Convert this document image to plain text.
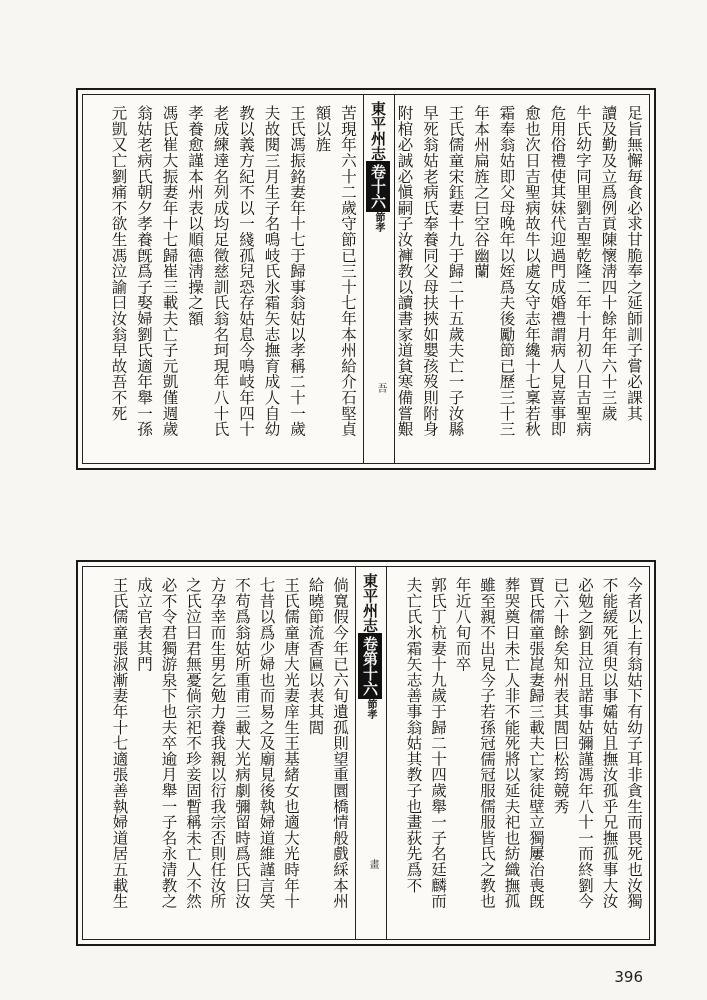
東平州志卷十六節孝
吾	足旨無懈毎食必求甘脆奉之延師訓子嘗必課其
讀及勤及立爲例貢陳懷淸四十餘年年六十三歲
牛氏幼字同里劉吉聖乾隆二年十月初八日吉聖病
危用俗禮使其妹代迎過門成婚禮謂病人見喜事即
愈也次日吉聖病故牛以處女守志年纔十七稟若秋
霜奉翁姑即父母晚年以姪爲夫後勵節已歷三十三
年本州扁旌之曰空谷幽蘭
王氏儒童宋鈺妻十九于歸二十五歲夫亡一子汝縣
早死翁姑老病氏奉養同父母扶挾如嬰孩歿則附身
附棺必誠必愼嗣子汝褲教以讀書家道貧寒備嘗艱
苦現年六十二歲守節已三十七年本州給介石堅貞
額以旌
王氏馮振銘妻年十七于歸事翁姑以孝稱二十一歲
夫故閱三月生子名鳴岐氏氷霜矢志撫育成人自幼
教以義方紀不以一綫孤兒恐存姑息今鳴岐年四十
老成練達名列成均足徵慈訓氏翁名珂現年八十氏
孝養愈謹本州表以順德淸操之額
馮氏崔大振妻年十七歸崔三載夫亡子元凱僅週歲
翁姑老病氏朝夕孝養旣爲子娶婦劉氏適年舉一孫
元凱又亡劉痛不欲生馮泣諭曰汝翁早故吾不死
東平州志卷第十六節孝
畫	今者以上有翁姑下有幼子耳非貪生而畏死也汝獨
不能緩死須臾以事孀姑且撫汝孤乎兄撫孤事大汝
必勉之劉且泣且諾事姑彌謹馮年八十一而終劉今
已六十餘矣知州表其閭曰松筠競秀
賈氏儒童張崑妻歸三載夫亡家徒壁立獨屢治喪旣
葬哭奠日未亡人非不能死將以延夫祀也紡織撫孤
雖至親不出見今子若孫冠儒冠服儒服皆氏之教也
年近八旬而卒
郭氏丁杭妻十九歲于歸二十四歲舉一子名廷麟而
夫亡氏氷霜矢志善事翁姑其教子也畫荻先爲不
倘寬假今年已六旬遺孤則望重圜橋情般戲綵本州
給曉節流香匾以表其閭
王氏儒童唐大光妻庠生王基緒女也適大光時年十
七昔以爲少婦也而易之及廟見後執婦道維謹言笑
不苟爲翁姑所重甫三載大光病劇彌留時爲氏曰汝
方孕幸而生男乞勉力養我親以衍我宗否則任汝所
之氏泣曰君無憂倘宗祀不珍妾固暫稱未亡人不然
必不令君獨游泉下也夫卒逾月舉一子名永清教之
成立官表其門
王氏儒童張淑漸妻年十七適張善執婦道居五載生
396
